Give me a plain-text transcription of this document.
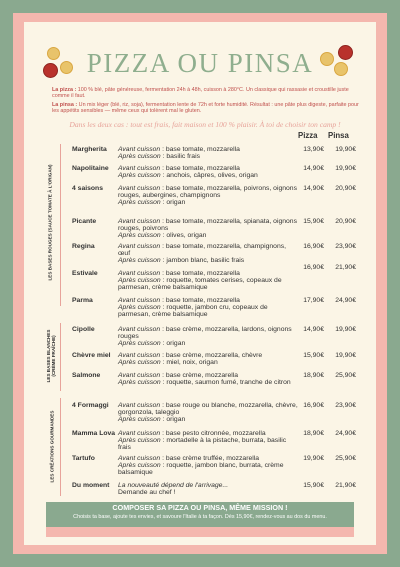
PIZZA OU PINSA
La pizza : 100 % blé, pâte généreuse, fermentation 24h à 48h, cuisson à 280°C. Un classique qui rassasie et croustille juste comme il faut.
La pinsa : Un mix léger (blé, riz, soja), fermentation lente de 72h et forte humidité. Résultat : une pâte plus digeste, parfaite pour les appétits sensibles — même ceux qui tolèrent mal le gluten.
Dans les deux cas : tout est frais, fait maison et 100 % plaisir. À toi de choisir ton camp !
Pizza Pinsa
LES BASES ROUGES (SAUCE TOMATE À L'ORIGAN)
LES BASES BLANCHES (CRÈME FRAÎCHE)
LES CRÉATIONS GOURMANDES
Margherita	Avant cuisson : base tomate, mozzarella
Après cuisson : basilic frais
13,90€	19,90€
Napolitaine	Avant cuisson : base tomate, mozzarella
Après cuisson : anchois, câpres, olives, origan
14,90€	19,90€
4 saisons	Avant cuisson : base tomate, mozzarella, poivrons, oignons rouges, aubergines, champignons
Après cuisson : origan
14,90€	20,90€
Picante	Avant cuisson : base tomate, mozzarella, spianata, oignons rouges, poivrons
Après cuisson : olives, origan
15,90€	20,90€
Regina	Avant cuisson : base tomate, mozzarella, champignons, œuf
Après cuisson : jambon blanc, basilic frais
16,90€	23,90€
Estivale	Avant cuisson : base tomate, mozzarella
Après cuisson : roquette, tomates cerises, copeaux de parmesan, crème balsamique
16,90€	21,90€
Parma	Avant cuisson : base tomate, mozzarella
Après cuisson : roquette, jambon cru, copeaux de parmesan, crème balsamique
17,90€	24,90€
Cipolle	Avant cuisson : base crème, mozzarella, lardons, oignons rouges
Après cuisson : origan
14,90€	19,90€
Chèvre miel	Avant cuisson : base crème, mozzarella, chèvre
Après cuisson : miel, noix, origan
15,90€	19,90€
Salmone	Avant cuisson : base crème, mozzarella
Après cuisson : roquette, saumon fumé, tranche de citron
18,90€	25,90€
4 Formaggi	Avant cuisson : base rouge ou blanche, mozzarella, chèvre, gorgonzola, taleggio
Après cuisson : origan
16,90€	23,90€
Mamma Lova Avant cuisson : base pesto citronnée, mozzarella
Après cuisson : mortadelle à la pistache, burrata, basilic frais
18,90€	24,90€
Tartufo	Avant cuisson : base crème truffée, mozzarella
Après cuisson : roquette, jambon blanc, burrata, crème balsamique
19,90€	25,90€
Du moment	La nouveauté dépend de l'arrivage...
Demande au chef !
15,90€	21,90€
COMPOSER SA PIZZA OU PINSA, MÊME MISSION !
Choisis ta base, ajoute tes envies, et savoure l'Italie à ta façon. Dès 15,90€, rendez-vous au dos du menu.
